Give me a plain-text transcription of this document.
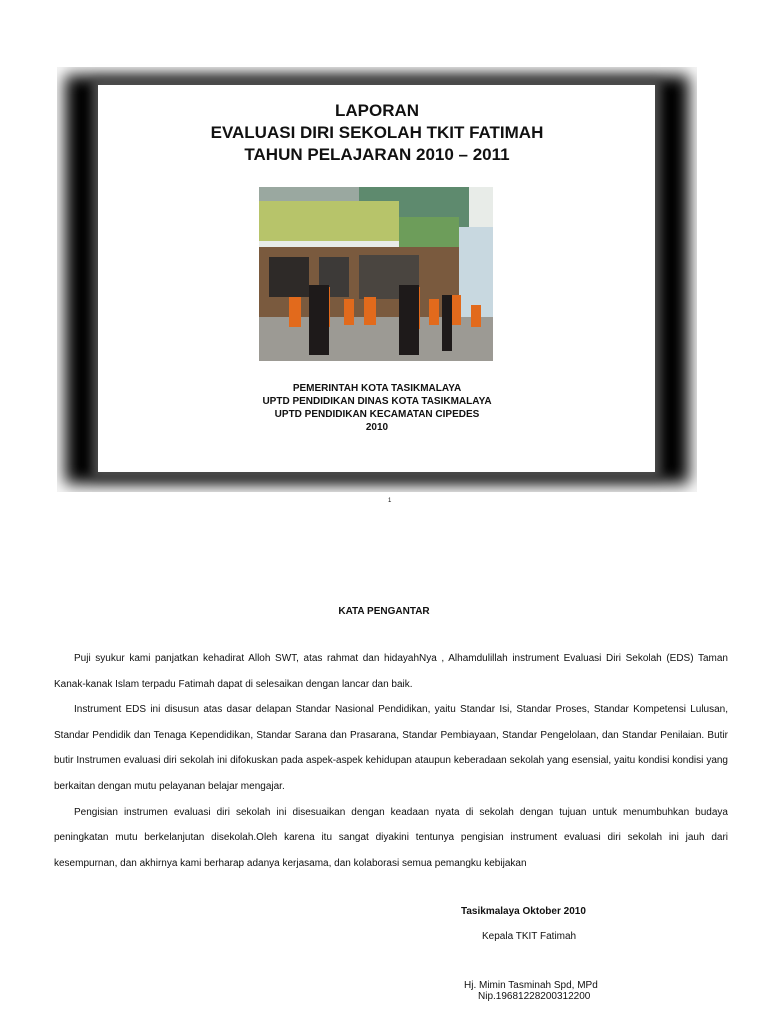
LAPORAN
EVALUASI DIRI SEKOLAH TKIT FATIMAH
TAHUN PELAJARAN 2010 – 2011
PEMERINTAH KOTA TASIKMALAYA
UPTD PENDIDIKAN DINAS KOTA TASIKMALAYA
UPTD PENDIDIKAN KECAMATAN CIPEDES
2010
1
KATA PENGANTAR

Puji syukur kami panjatkan kehadirat Alloh SWT, atas rahmat dan hidayahNya , Alhamdulillah instrument Evaluasi Diri Sekolah (EDS) Taman Kanak-kanak Islam terpadu Fatimah dapat di selesaikan dengan lancar dan baik.

Instrument EDS ini disusun atas dasar delapan Standar Nasional Pendidikan, yaitu Standar Isi, Standar Proses, Standar Kompetensi Lulusan, Standar Pendidik dan Tenaga Kependidikan, Standar Sarana dan Prasarana, Standar Pembiayaan, Standar Pengelolaan, dan Standar Penilaian. Butir butir Instrumen evaluasi diri sekolah ini difokuskan pada aspek-aspek kehidupan ataupun keberadaan sekolah yang esensial, yaitu kondisi kondisi yang berkaitan dengan mutu pelayanan belajar mengajar.

Pengisian instrumen evaluasi diri sekolah ini disesuaikan dengan keadaan nyata di sekolah dengan tujuan untuk menumbuhkan budaya peningkatan mutu berkelanjutan disekolah.Oleh karena itu sangat diyakini tentunya pengisian instrument evaluasi diri sekolah ini jauh dari kesempurnan, dan akhirnya kami berharap adanya kerjasama, dan kolaborasi semua pemangku kebijakan

Tasikmalaya Oktober 2010
Kepala TKIT Fatimah
Hj. Mimin Tasminah Spd, MPd
Nip.19681228200312200
